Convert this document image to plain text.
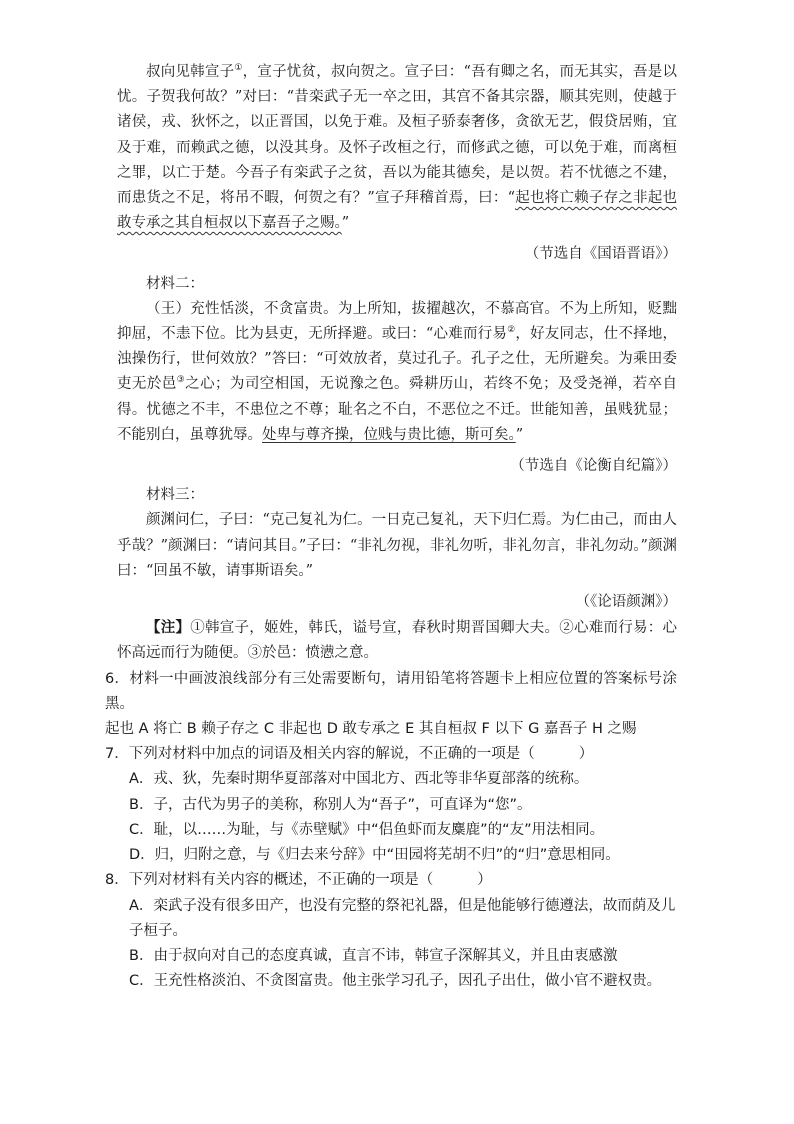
叔向见韩宣子①，宣子忧贫，叔向贺之。宣子曰：“吾有卿之名，而无其实，吾是以忧。子贺我何故？”对曰：“昔栾武子无一卒之田，其宫不备其宗器，顺其宪则，使越于诸侯，戎、狄怀之，以正晋国，以免于难。及桓子骄泰奢侈，贪欲无艺，假贷居贿，宜及于难，而赖武之德，以没其身。及怀子改桓之行，而修武之德，可以免于难，而离桓之罪，以亡于楚。今吾子有栾武子之贫，吾以为能其德矣，是以贺。若不忧德之不建，而患货之不足，将吊不暇，何贺之有？”宣子拜稽首焉，曰：“起也将亡赖子存之非起也敢专承之其自桓叔以下嘉吾子之赐。”

（节选自《国语晋语》）

材料二：

（王）充性恬淡，不贪富贵。为上所知，拔擢越次，不慕高官。不为上所知，贬黜抑屈，不恚下位。比为县吏，无所择避。或曰：“心难而行易②，好友同志，仕不择地，浊操伤行，世何效放？”答曰：“可效放者，莫过孔子。孔子之仕，无所避矣。为乘田委吏无於邑③之心；为司空相国，无说豫之色。舜耕历山，若终不免；及受尧禅，若卒自得。忧德之不丰，不患位之不尊；耻名之不白，不恶位之不迁。世能知善，虽贱犹显；不能别白，虽尊犹辱。处卑与尊齐操，位贱与贵比德，斯可矣。”

（节选自《论衡自纪篇》）

材料三：

颜渊问仁，子曰：“克己复礼为仁。一日克己复礼，天下归仁焉。为仁由己，而由人乎哉？”颜渊曰：“请问其目。”子曰：“非礼勿视，非礼勿听，非礼勿言，非礼勿动。”颜渊曰：“回虽不敏，请事斯语矣。”

（《论语颜渊》）

【注】①韩宣子，姬姓，韩氏，谥号宣，春秋时期晋国卿大夫。②心难而行易：心怀高远而行为随便。③於邑：愤懑之意。

6．材料一中画波浪线部分有三处需要断句，请用铅笔将答题卡上相应位置的答案标号涂黑。

起也 A 将亡 B 赖子存之 C 非起也 D 敢专承之 E 其自桓叔 F 以下 G 嘉吾子 H 之赐

7．下列对材料中加点的词语及相关内容的解说，不正确的一项是（	）

A．戎、狄，先秦时期华夏部落对中国北方、西北等非华夏部落的统称。

B．子，古代为男子的美称，称别人为“吾子”，可直译为“您”。

C．耻，以……为耻，与《赤壁赋》中“侣鱼虾而友麋鹿”的“友”用法相同。

D．归，归附之意，与《归去来兮辞》中“田园将芜胡不归”的“归”意思相同。

8．下列对材料有关内容的概述，不正确的一项是（	）

A．栾武子没有很多田产，也没有完整的祭祀礼器，但是他能够行德遵法，故而荫及儿子桓子。

B．由于叔向对自己的态度真诚，直言不讳，韩宣子深解其义，并且由衷感激

C．王充性格淡泊、不贪图富贵。他主张学习孔子，因孔子出仕，做小官不避权贵。
